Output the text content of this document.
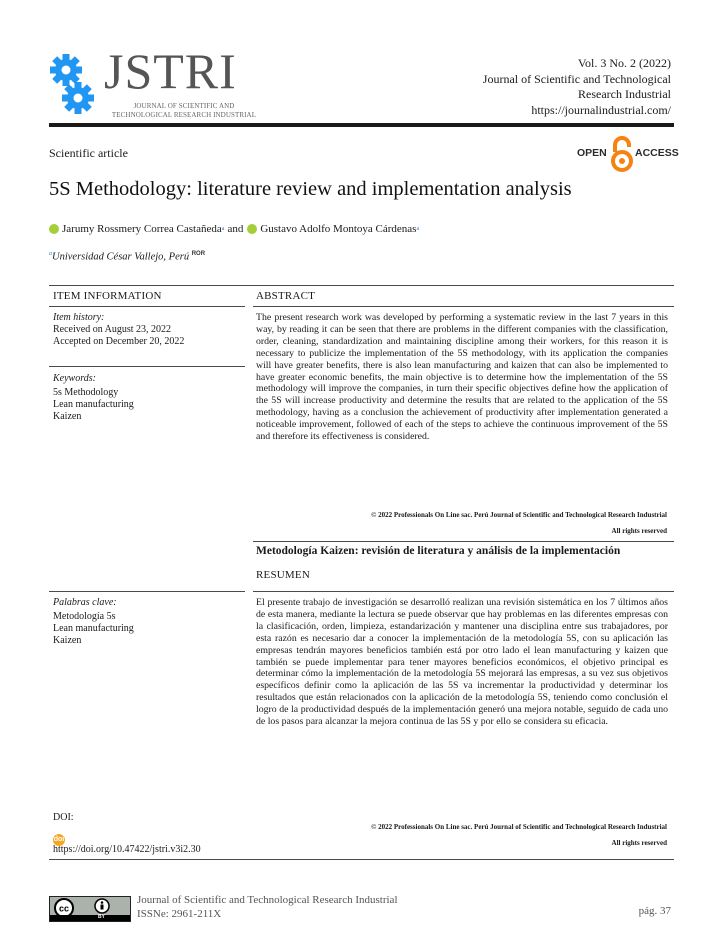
JSTRI
JOURNAL OF SCIENTIFIC AND TECHNOLOGICAL RESEARCH INDUSTRIAL
Vol. 3 No. 2 (2022)
Journal of Scientific and Technological
Research Industrial
https://journalindustrial.com/
Scientific article	OPEN	ACCESS
5S Methodology: literature review and implementation analysis
Jarumy Rossmery Correa Castañeda a and Gustavo Adolfo Montoya Cárdenas a
$^a$Universidad César Vallejo, Perú $^{ROR}$
ITEM INFORMATION
Item history:
Received on August 23, 2022
Accepted on December 20, 2022
Keywords:
5s Methodology
Lean manufacturing
Kaizen
Palabras clave:
Metodología 5s
Lean manufacturing
Kaizen
ABSTRACT
The present research work was developed by performing a systematic review in the last 7 years in this way, by reading it can be seen that there are problems in the different companies with the classification, order, cleaning, standardization and maintaining discipline among their workers, for this reason it is necessary to publicize the implementation of the 5S methodology, with its application the companies will have greater benefits, there is also lean manufacturing and kaizen that can also be implemented to have greater economic benefits, the main objective is to determine how the implementation of the 5S methodology will improve the companies, in turn their specific objectives define how the application of the 5S will increase productivity and determine the results that are related to the application of the 5S methodology, having as a conclusion the achievement of productivity after implementation generated a noticeable improvement, followed of each of the steps to achieve the continuous improvement of the 5S and therefore its effectiveness is considered.
© 2022 Professionals On Line sac. Perú Journal of Scientific and Technological Research Industrial
All rights reserved
Metodología Kaizen: revisión de literatura y análisis de la implementación
RESUMEN
El presente trabajo de investigación se desarrolló realizan una revisión sistemática en los 7 últimos años de esta manera, mediante la lectura se puede observar que hay problemas en las diferentes empresas con la clasificación, orden, limpieza, estandarización y mantener una disciplina entre sus trabajadores, por esta razón es necesario dar a conocer la implementación de la metodología 5S, con su aplicación las empresas tendrán mayores beneficios también está por otro lado el lean manufacturing y kaizen que también se puede implementar para tener mayores beneficios económicos, el objetivo principal es determinar cómo la implementación de la metodología 5S mejorará las empresas, a su vez sus objetivos específicos definir como la aplicación de las 5S va incrementar la productividad y determinar los resultados que están relacionados con la aplicación de la metodología 5S, teniendo como conclusión el logro de la productividad después de la implementación generó una mejora notable, seguido de cada uno de los pasos para alcanzar la mejora continua de las 5S y por ello se considera su eficacia.
DOI:
doi
https://doi.org/10.47422/jstri.v3i2.30
© 2022 Professionals On Line sac. Perú Journal of Scientific and Technological Research Industrial
All rights reserved
cc
BY
Journal of Scientific and Technological Research Industrial
ISSNe: 2961-211X	pág. 37
